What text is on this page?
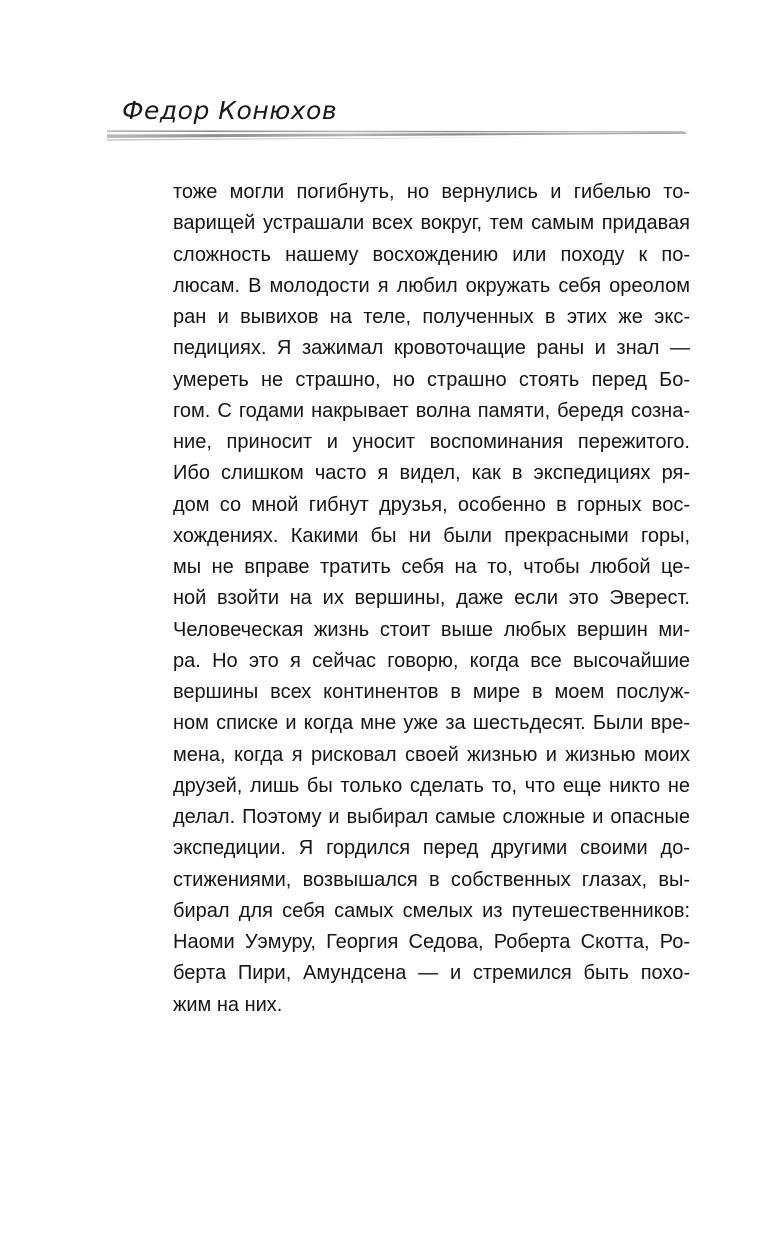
Федор Конюхов
тоже могли погибнуть, но вернулись и гибелью то-
варищей устрашали всех вокруг, тем самым придавая
сложность нашему восхождению или походу к по-
люсам. В молодости я любил окружать себя ореолом
ран и вывихов на теле, полученных в этих же экс-
педициях. Я зажимал кровоточащие раны и знал —
умереть не страшно, но страшно стоять перед Бо-
гом. С годами накрывает волна памяти, бередя созна-
ние, приносит и уносит воспоминания пережитого.
Ибо слишком часто я видел, как в экспедициях ря-
дом со мной гибнут друзья, особенно в горных вос-
хождениях. Какими бы ни были прекрасными горы,
мы не вправе тратить себя на то, чтобы любой це-
ной взойти на их вершины, даже если это Эверест.
Человеческая жизнь стоит выше любых вершин ми-
ра. Но это я сейчас говорю, когда все высочайшие
вершины всех континентов в мире в моем послуж-
ном списке и когда мне уже за шестьдесят. Были вре-
мена, когда я рисковал своей жизнью и жизнью моих
друзей, лишь бы только сделать то, что еще никто не
делал. Поэтому и выбирал самые сложные и опасные
экспедиции. Я гордился перед другими своими до-
стижениями, возвышался в собственных глазах, вы-
бирал для себя самых смелых из путешественников:
Наоми Уэмуру, Георгия Седова, Роберта Скотта, Ро-
берта Пири, Амундсена — и стремился быть похо-
жим на них.
